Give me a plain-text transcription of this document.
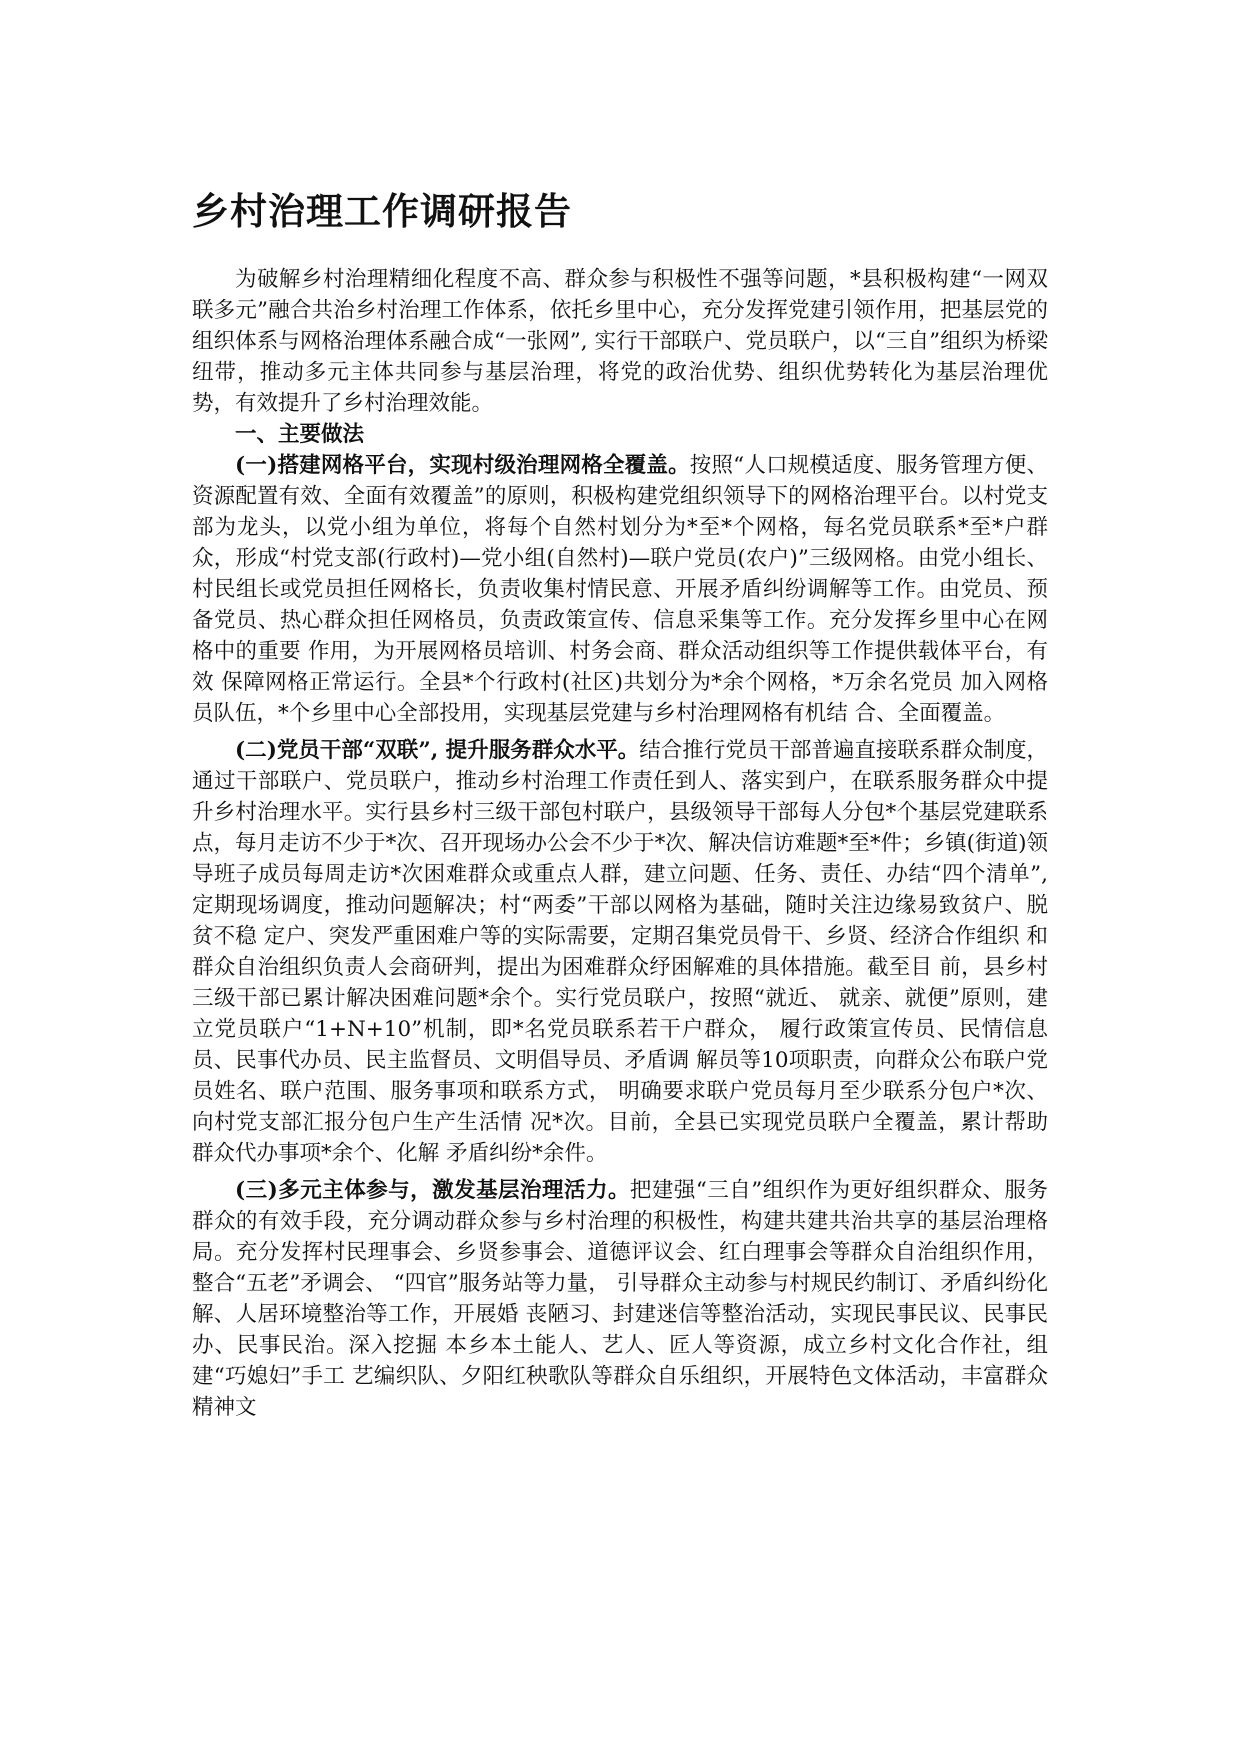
乡村治理工作调研报告

为破解乡村治理精细化程度不高、群众参与积极性不强等问题，*县积极构建“一网双联多元”融合共治乡村治理工作体系，依托乡里中心，充分发挥党建引领作用，把基层党的组织体系与网格治理体系融合成“一张网”, 实行干部联户、党员联户，以“三自”组织为桥梁纽带，推动多元主体共同参与基层治理，将党的政治优势、组织优势转化为基层治理优势，有效提升了乡村治理效能。

一、主要做法

(一)搭建网格平台，实现村级治理网格全覆盖。按照“人口规模适度、服务管理方便、资源配置有效、全面有效覆盖”的原则，积极构建党组织领导下的网格治理平台。以村党支部为龙头，以党小组为单位，将每个自然村划分为*至*个网格，每名党员联系*至*户群众，形成“村党支部(行政村)—党小组(自然村)—联户党员(农户)”三级网格。由党小组长、村民组长或党员担任网格长，负责收集村情民意、开展矛盾纠纷调解等工作。由党员、预备党员、热心群众担任网格员，负责政策宣传、信息采集等工作。充分发挥乡里中心在网格中的重要 作用，为开展网格员培训、村务会商、群众活动组织等工作提供载体平台，有效 保障网格正常运行。全县*个行政村(社区)共划分为*余个网格，*万余名党员 加入网格员队伍，*个乡里中心全部投用，实现基层党建与乡村治理网格有机结 合、全面覆盖。

(二)党员干部“双联”, 提升服务群众水平。结合推行党员干部普遍直接联系群众制度，通过干部联户、党员联户，推动乡村治理工作责任到人、落实到户，在联系服务群众中提升乡村治理水平。实行县乡村三级干部包村联户，县级领导干部每人分包*个基层党建联系点，每月走访不少于*次、召开现场办公会不少于*次、解决信访难题*至*件；乡镇(街道)领导班子成员每周走访*次困难群众或重点人群，建立问题、任务、责任、办结“四个清单”, 定期现场调度，推动问题解决；村“两委”干部以网格为基础，随时关注边缘易致贫户、脱贫不稳 定户、突发严重困难户等的实际需要，定期召集党员骨干、乡贤、经济合作组织 和群众自治组织负责人会商研判，提出为困难群众纾困解难的具体措施。截至目 前，县乡村三级干部已累计解决困难问题*余个。实行党员联户，按照“就近、 就亲、就便”原则，建立党员联户“1+N+10”机制，即*名党员联系若干户群众， 履行政策宣传员、民情信息员、民事代办员、民主监督员、文明倡导员、矛盾调 解员等10项职责，向群众公布联户党员姓名、联户范围、服务事项和联系方式， 明确要求联户党员每月至少联系分包户*次、向村党支部汇报分包户生产生活情 况*次。目前，全县已实现党员联户全覆盖，累计帮助群众代办事项*余个、化解 矛盾纠纷*余件。

(三)多元主体参与，激发基层治理活力。把建强“三自”组织作为更好组织群众、服务群众的有效手段，充分调动群众参与乡村治理的积极性，构建共建共治共享的基层治理格局。充分发挥村民理事会、乡贤参事会、道德评议会、红白理事会等群众自治组织作用，整合“五老”矛调会、 “四官”服务站等力量， 引导群众主动参与村规民约制订、矛盾纠纷化解、人居环境整治等工作，开展婚 丧陋习、封建迷信等整治活动，实现民事民议、民事民办、民事民治。深入挖掘 本乡本土能人、艺人、匠人等资源，成立乡村文化合作社，组建“巧媳妇”手工 艺编织队、夕阳红秧歌队等群众自乐组织，开展特色文体活动，丰富群众精神文
